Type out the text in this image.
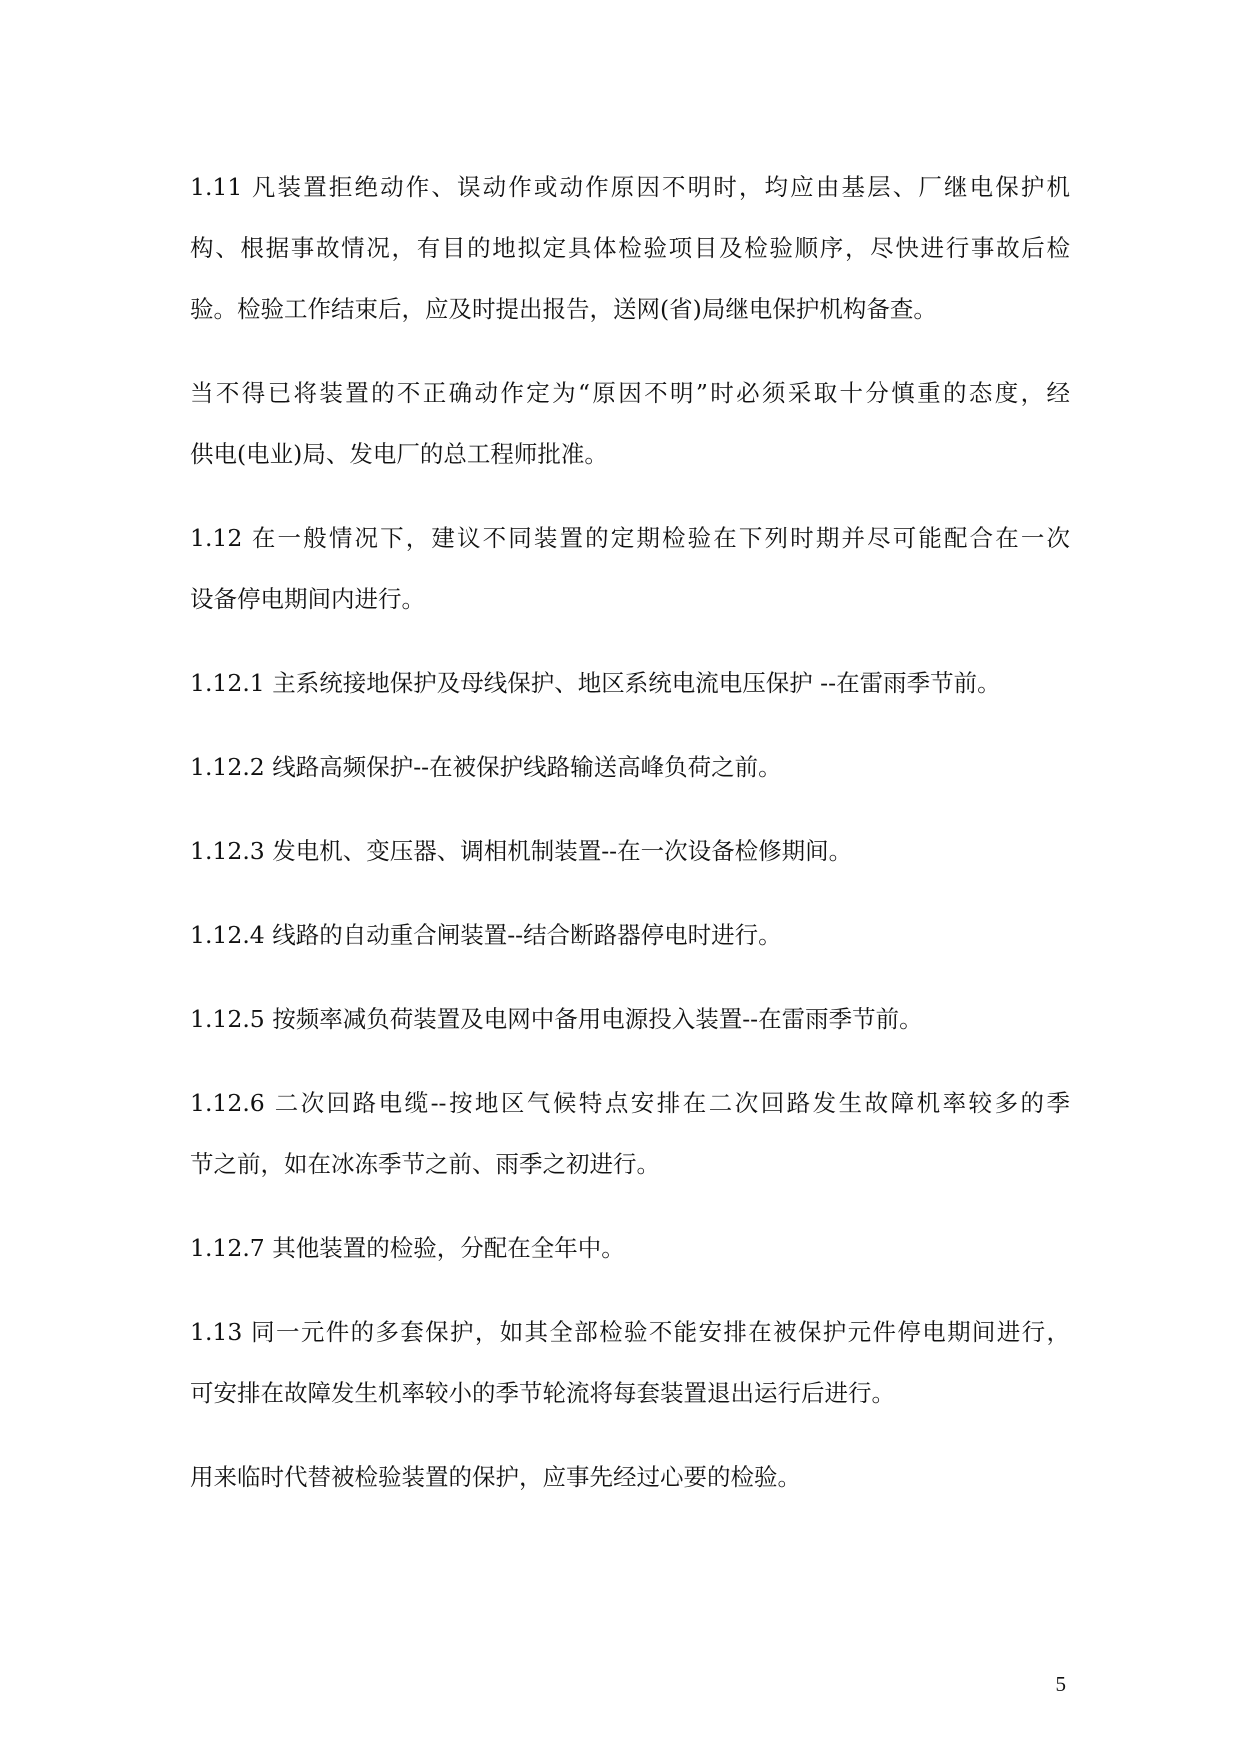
1.11 凡装置拒绝动作、误动作或动作原因不明时，均应由基层、厂继电保护机
构、根据事故情况，有目的地拟定具体检验项目及检验顺序，尽快进行事故后检
验。检验工作结束后，应及时提出报告，送网(省)局继电保护机构备查。
当不得已将装置的不正确动作定为“原因不明”时必须采取十分慎重的态度，经
供电(电业)局、发电厂的总工程师批准。
1.12 在一般情况下，建议不同装置的定期检验在下列时期并尽可能配合在一次
设备停电期间内进行。
1.12.1 主系统接地保护及母线保护、地区系统电流电压保护 --在雷雨季节前。
1.12.2 线路高频保护--在被保护线路输送高峰负荷之前。
1.12.3 发电机、变压器、调相机制装置--在一次设备检修期间。
1.12.4 线路的自动重合闸装置--结合断路器停电时进行。
1.12.5 按频率减负荷装置及电网中备用电源投入装置--在雷雨季节前。
1.12.6 二次回路电缆--按地区气候特点安排在二次回路发生故障机率较多的季
节之前，如在冰冻季节之前、雨季之初进行。
1.12.7 其他装置的检验，分配在全年中。
1.13 同一元件的多套保护，如其全部检验不能安排在被保护元件停电期间进行，
可安排在故障发生机率较小的季节轮流将每套装置退出运行后进行。
用来临时代替被检验装置的保护，应事先经过心要的检验。
5
